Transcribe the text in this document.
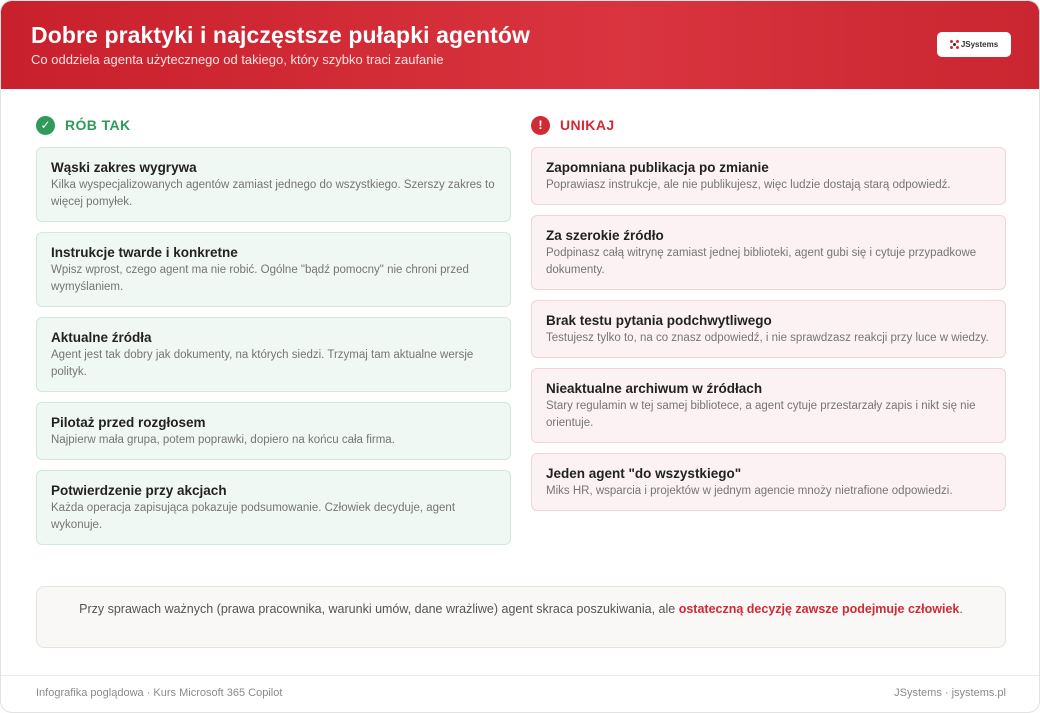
Dobre praktyki i najczęstsze pułapki agentów
Co oddziela agenta użytecznego od takiego, który szybko traci zaufanie
JSystems
✓	RÓB TAK
Wąski zakres wygrywa
Kilka wyspecjalizowanych agentów zamiast jednego do wszystkiego. Szerszy zakres to więcej pomyłek.
Instrukcje twarde i konkretne
Wpisz wprost, czego agent ma nie robić. Ogólne "bądź pomocny" nie chroni przed wymyślaniem.
Aktualne źródła
Agent jest tak dobry jak dokumenty, na których siedzi. Trzymaj tam aktualne wersje polityk.
Pilotaż przed rozgłosem
Najpierw mała grupa, potem poprawki, dopiero na końcu cała firma.
Potwierdzenie przy akcjach
Każda operacja zapisująca pokazuje podsumowanie. Człowiek decyduje, agent wykonuje.
!	UNIKAJ
Zapomniana publikacja po zmianie
Poprawiasz instrukcje, ale nie publikujesz, więc ludzie dostają starą odpowiedź.
Za szerokie źródło
Podpinasz całą witrynę zamiast jednej biblioteki, agent gubi się i cytuje przypadkowe dokumenty.
Brak testu pytania podchwytliwego
Testujesz tylko to, na co znasz odpowiedź, i nie sprawdzasz reakcji przy luce w wiedzy.
Nieaktualne archiwum w źródłach
Stary regulamin w tej samej bibliotece, a agent cytuje przestarzały zapis i nikt się nie orientuje.
Jeden agent "do wszystkiego"
Miks HR, wsparcia i projektów w jednym agencie mnoży nietrafione odpowiedzi.
Przy sprawach ważnych (prawa pracownika, warunki umów, dane wrażliwe) agent skraca poszukiwania, ale ostateczną decyzję zawsze podejmuje człowiek.
Infografika poglądowa · Kurs Microsoft 365 Copilot	JSystems · jsystems.pl
